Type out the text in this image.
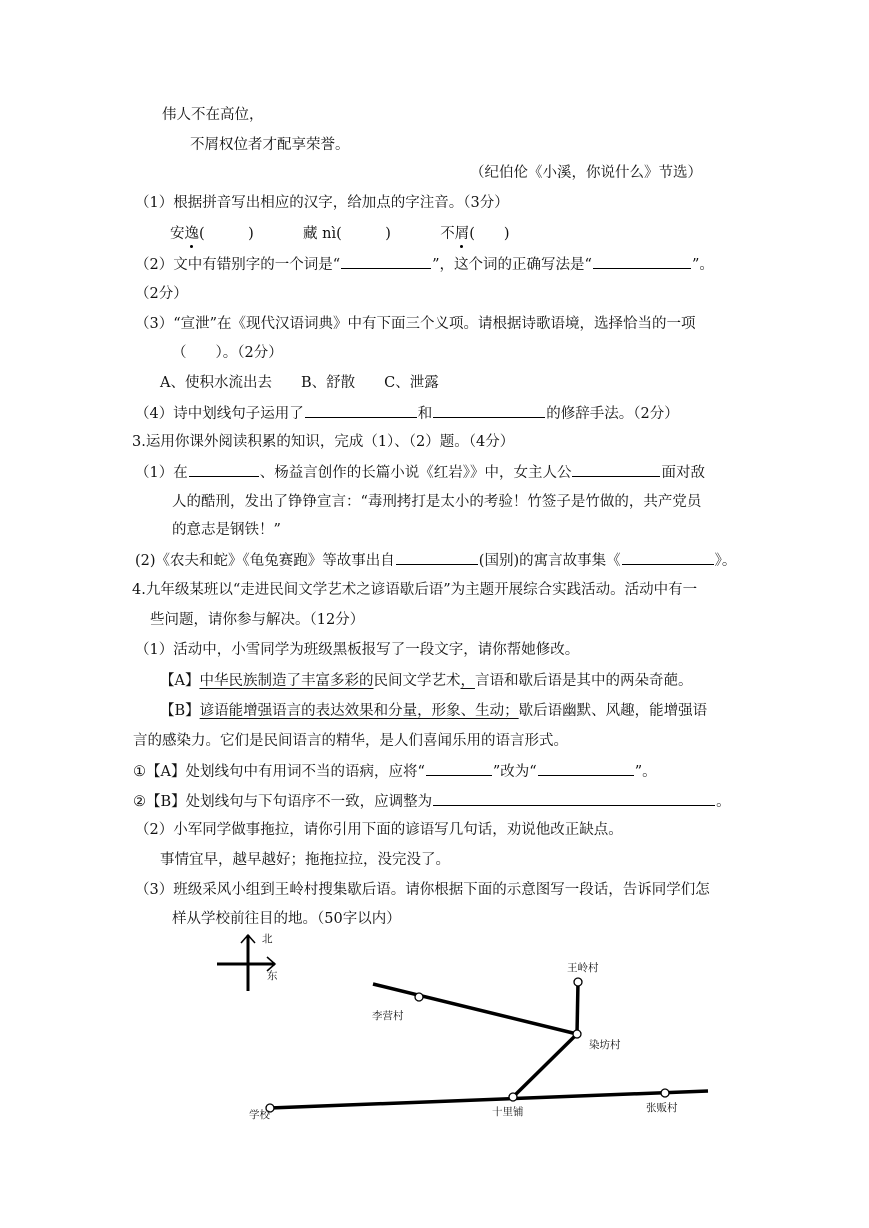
伟人不在高位，
不屑权位者才配享荣誉。
（纪伯伦《小溪，你说什么》节选）
（1）根据拼音写出相应的汉字，给加点的字注音。（3分）
安逸(　　　)	藏 nì(　　　)	不屑(　　)
（2）文中有错别字的一个词是“	”，这个词的正确写法是“	”。
（2分）
（3）“宣泄”在《现代汉语词典》中有下面三个义项。请根据诗歌语境，选择恰当的一项
（　　）。（2分）
A、使积水流出去　　B、舒散　　C、泄露
（4）诗中划线句子运用了	和	的修辞手法。（2分）
3.运用你课外阅读积累的知识，完成（1）、（2）题。（4分）
（1）在	、杨益言创作的长篇小说《红岩》》中，女主人公	面对敌
人的酷刑，发出了铮铮宣言：“毒刑拷打是太小的考验！竹签子是竹做的，共产党员
的意志是钢铁！”
(2)《农夫和蛇》《龟兔赛跑》等故事出自	(国别)的寓言故事集《	》。
4.九年级某班以“走进民间文学艺术之谚语歇后语”为主题开展综合实践活动。活动中有一
些问题，请你参与解决。（12分）
（1）活动中，小雪同学为班级黑板报写了一段文字，请你帮她修改。
【A】中华民族制造了丰富多彩的民间文学艺术，言语和歇后语是其中的两朵奇葩。
【B】谚语能增强语言的表达效果和分量，形象、生动；歇后语幽默、风趣，能增强语
言的感染力。它们是民间语言的精华，是人们喜闻乐用的语言形式。
①【A】处划线句中有用词不当的语病，应将“	”改为“	”。
②【B】处划线句与下句语序不一致，应调整为	。
（2）小军同学做事拖拉，请你引用下面的谚语写几句话，劝说他改正缺点。
事情宜早，越早越好；拖拖拉拉，没完没了。
（3）班级采风小组到王岭村搜集歇后语。请你根据下面的示意图写一段话，告诉同学们怎
样从学校前往目的地。（50字以内）
北
东
王岭村
李营村
染坊村
学校	十里铺	张贩村
